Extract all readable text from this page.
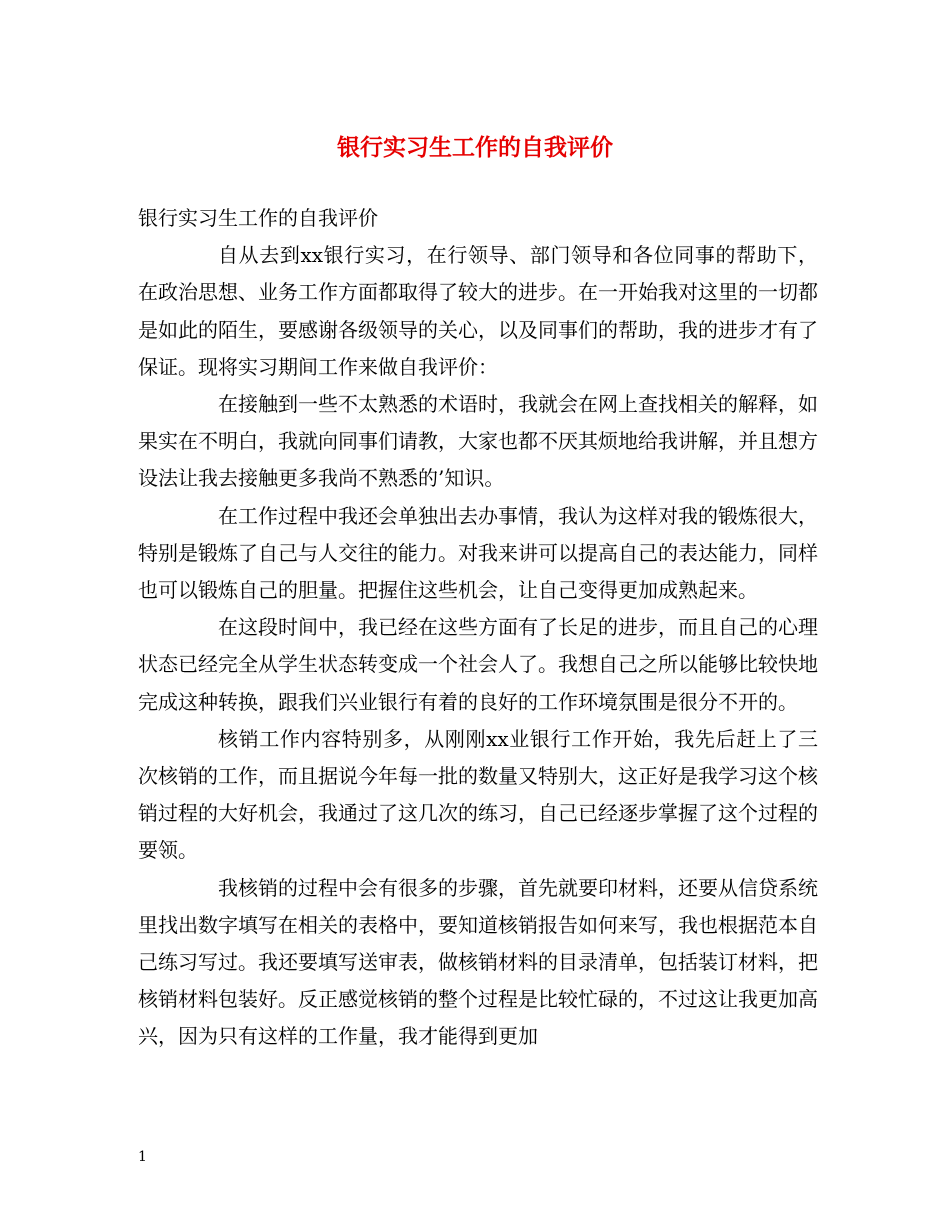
银行实习生工作的自我评价

银行实习生工作的自我评价

自从去到xx银行实习，在行领导、部门领导和各位同事的帮助下，在政治思想、业务工作方面都取得了较大的进步。在一开始我对这里的一切都是如此的陌生，要感谢各级领导的关心，以及同事们的帮助，我的进步才有了保证。现将实习期间工作来做自我评价：

在接触到一些不太熟悉的术语时，我就会在网上查找相关的解释，如果实在不明白，我就向同事们请教，大家也都不厌其烦地给我讲解，并且想方设法让我去接触更多我尚不熟悉的’知识。

在工作过程中我还会单独出去办事情，我认为这样对我的锻炼很大，特别是锻炼了自己与人交往的能力。对我来讲可以提高自己的表达能力，同样也可以锻炼自己的胆量。把握住这些机会，让自己变得更加成熟起来。

在这段时间中，我已经在这些方面有了长足的进步，而且自己的心理状态已经完全从学生状态转变成一个社会人了。我想自己之所以能够比较快地完成这种转换，跟我们兴业银行有着的良好的工作环境氛围是很分不开的。

核销工作内容特别多，从刚刚xx业银行工作开始，我先后赶上了三次核销的工作，而且据说今年每一批的数量又特别大，这正好是我学习这个核销过程的大好机会，我通过了这几次的练习，自己已经逐步掌握了这个过程的要领。

我核销的过程中会有很多的步骤，首先就要印材料，还要从信贷系统里找出数字填写在相关的表格中，要知道核销报告如何来写，我也根据范本自己练习写过。我还要填写送审表，做核销材料的目录清单，包括装订材料，把核销材料包装好。反正感觉核销的整个过程是比较忙碌的，不过这让我更加高兴，因为只有这样的工作量，我才能得到更加

1
